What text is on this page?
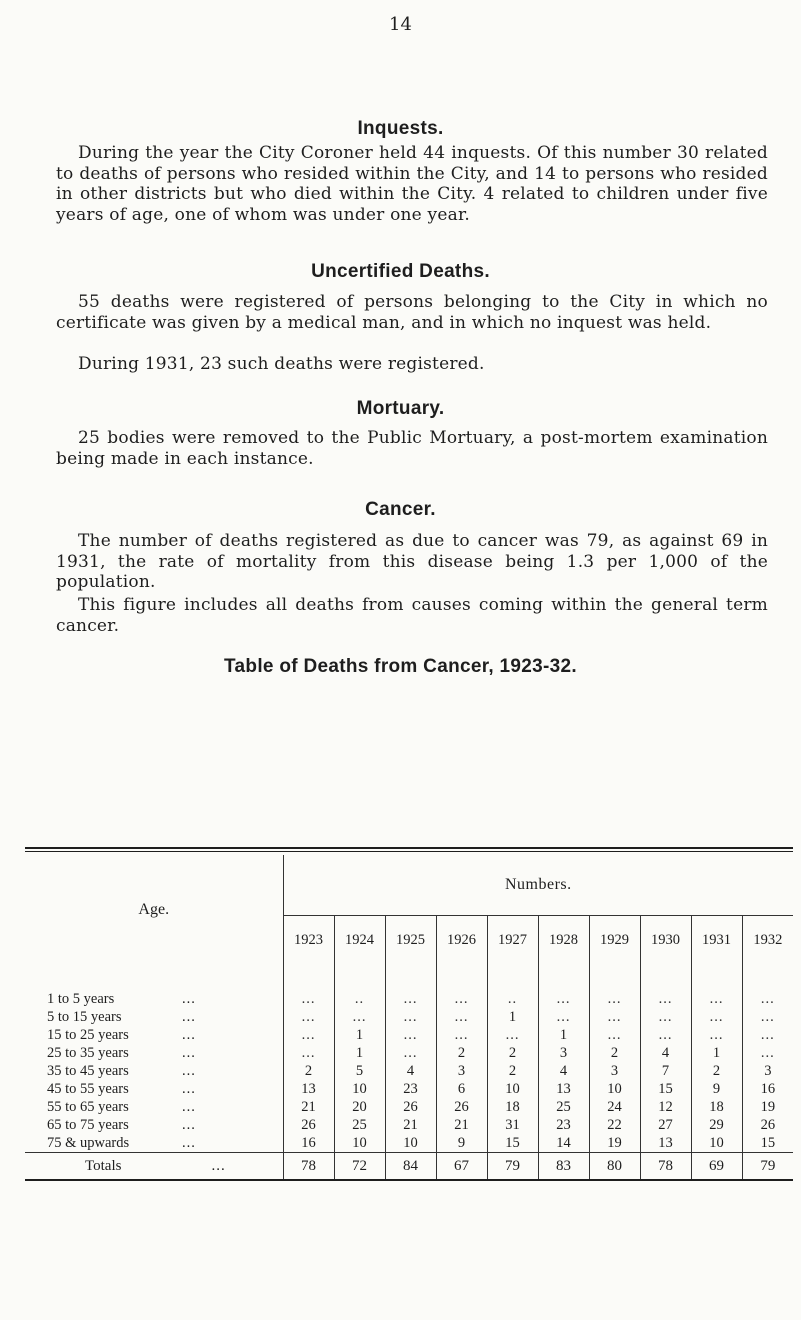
14
Inquests.

During the year the City Coroner held 44 inquests. Of this number 30 related to deaths of persons who resided within the City, and 14 to persons who resided in other districts but who died within the City. 4 related to children under five years of age, one of whom was under one year.

Uncertified Deaths.

55 deaths were registered of persons belonging to the City in which no certificate was given by a medical man, and in which no inquest was held.

During 1931, 23 such deaths were registered.

Mortuary.

25 bodies were removed to the Public Mortuary, a post-mortem examination being made in each instance.

Cancer.

The number of deaths registered as due to cancer was 79, as against 69 in 1931, the rate of mortality from this disease being 1.3 per 1,000 of the population.

This figure includes all deaths from causes coming within the general term cancer.

Table of Deaths from Cancer, 1923-32.
Age.	Numbers.									
	1923	1924	1925	1926	1927	1928	1929	1930	1931	1932

1 to 5 years ...	...	..	...	...	..	...	...	...	...	...
5 to 15 years ...	...	...	...	...	1	...	...	...	...	...
15 to 25 years ...	...	1	...	...	...	1	...	...	...	...
25 to 35 years ...	...	1	...	2	2	3	2	4	1	...
35 to 45 years ...	2	5	4	3	2	4	3	7	2	3
45 to 55 years ...	13	10	23	6	10	13	10	15	9	16
55 to 65 years ...	21	20	26	26	18	25	24	12	18	19
65 to 75 years ...	26	25	21	21	31	23	22	27	29	26
75 & upwards ...	16	10	10	9	15	14	19	13	10	15
Totals ...	78	72	84	67	79	83	80	78	69	79
